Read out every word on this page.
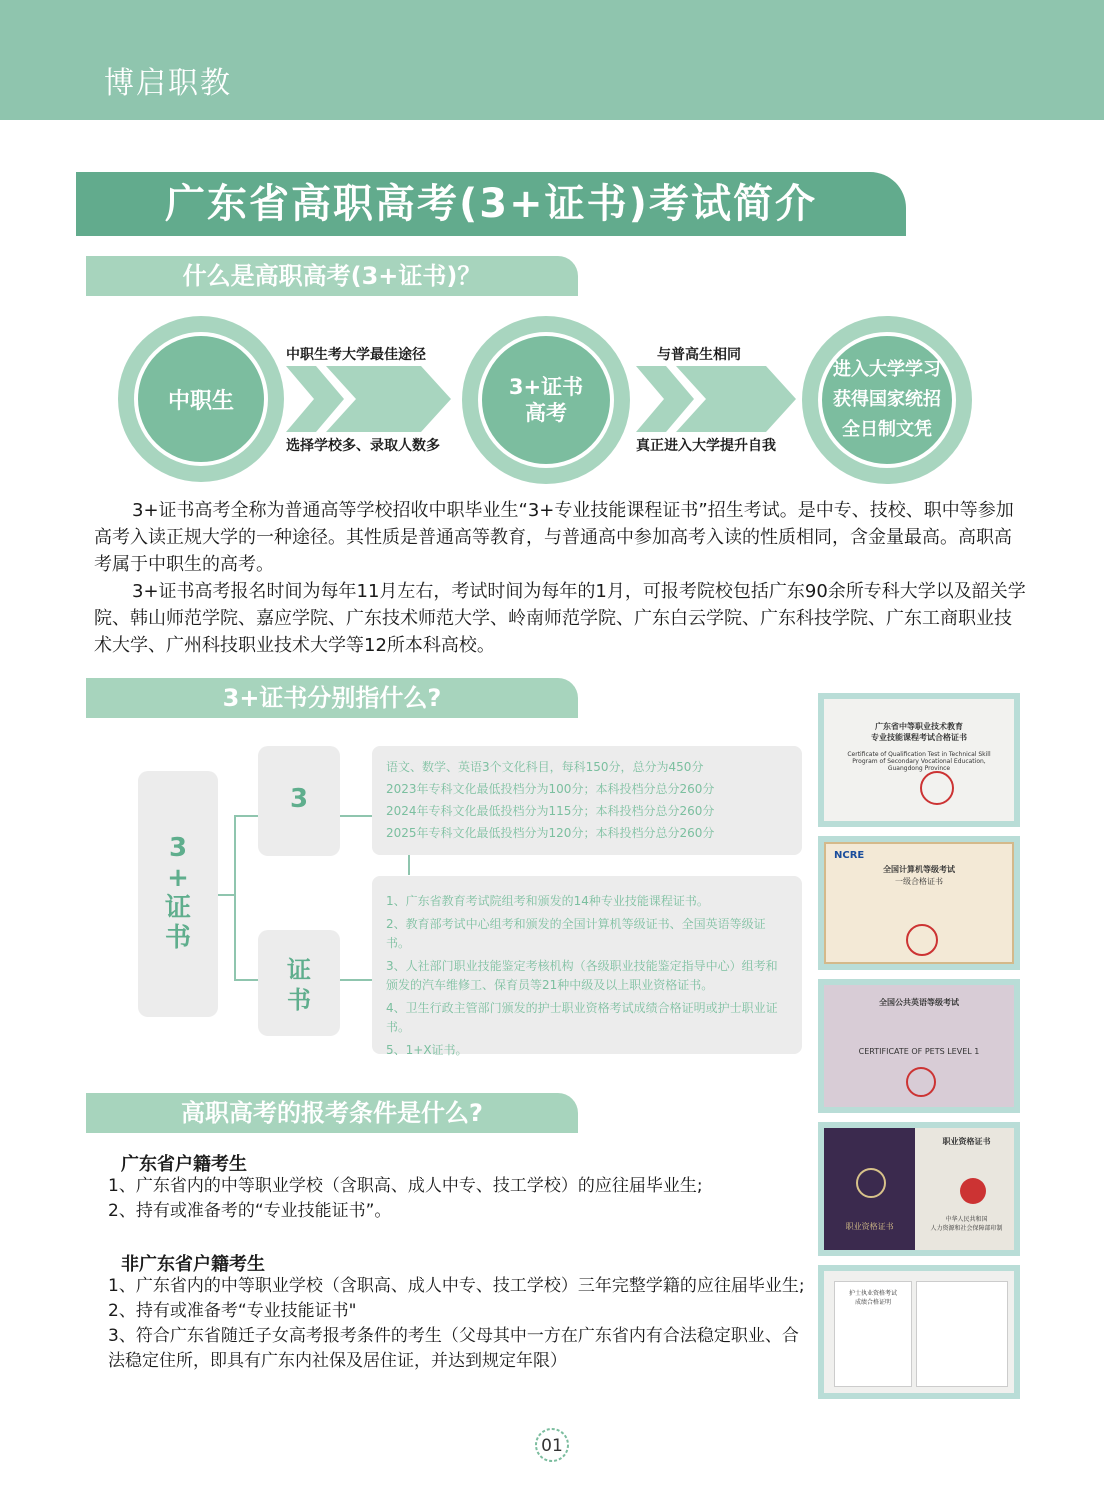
博启职教
广东省高职高考(3+证书)考试简介
什么是高职高考(3+证书)？
中职生
中职生考大学最佳途径
选择学校多、录取人数多
3+证书
高考
与普高生相同
真正进入大学提升自我
进入大学学习
获得国家统招
全日制文凭

3+证书高考全称为普通高等学校招收中职毕业生“3+专业技能课程证书”招生考试。是中专、技校、职中等参加高考入读正规大学的一种途径。其性质是普通高等教育，与普通高中参加高考入读的性质相同，含金量最高。高职高考属于中职生的高考。

3+证书高考报名时间为每年11月左右，考试时间为每年的1月，可报考院校包括广东90余所专科大学以及韶关学院、韩山师范学院、嘉应学院、广东技术师范大学、岭南师范学院、广东白云学院、广东科技学院、广东工商职业技术大学、广州科技职业技术大学等12所本科高校。

3+证书分别指什么?
3
+
证
书
3
证
书
语文、数学、英语3个文化科目，每科150分，总分为450分
2023年专科文化最低投档分为100分；本科投档分总分260分
2024年专科文化最低投档分为115分；本科投档分总分260分
2025年专科文化最低投档分为120分；本科投档分总分260分
1、广东省教育考试院组考和颁发的14种专业技能课程证书。
2、教育部考试中心组考和颁发的全国计算机等级证书、全国英语等级证书。
3、人社部门职业技能鉴定考核机构（各级职业技能鉴定指导中心）组考和颁发的汽车维修工、保育员等21种中级及以上职业资格证书。
4、卫生行政主管部门颁发的护士职业资格考试成绩合格证明或护士职业证书。
5、1+X证书。
高职高考的报考条件是什么?
广东省户籍考生
1、广东省内的中等职业学校（含职高、成人中专、技工学校）的应往届毕业生;
2、持有或准备考的“专业技能证书”。
非广东省户籍考生
1、广东省内的中等职业学校（含职高、成人中专、技工学校）三年完整学籍的应往届毕业生;
2、持有或准备考“专业技能证书"
3、符合广东省随迁子女高考报考条件的考生（父母其中一方在广东省内有合法稳定职业、合法稳定住所，即具有广东内社保及居住证，并达到规定年限）
广东省中等职业技术教育
专业技能课程考试合格证书
Certificate of Qualification Test in Technical Skill Program of Secondary Vocational Education, Guangdong Province
NCRE
全国计算机等级考试
一级合格证书
全国公共英语等级考试
CERTIFICATE OF PETS LEVEL 1
职业资格证书
职业资格证书
中华人民共和国
人力资源和社会保障部印制
护士执业资格考试
成绩合格证明
01
